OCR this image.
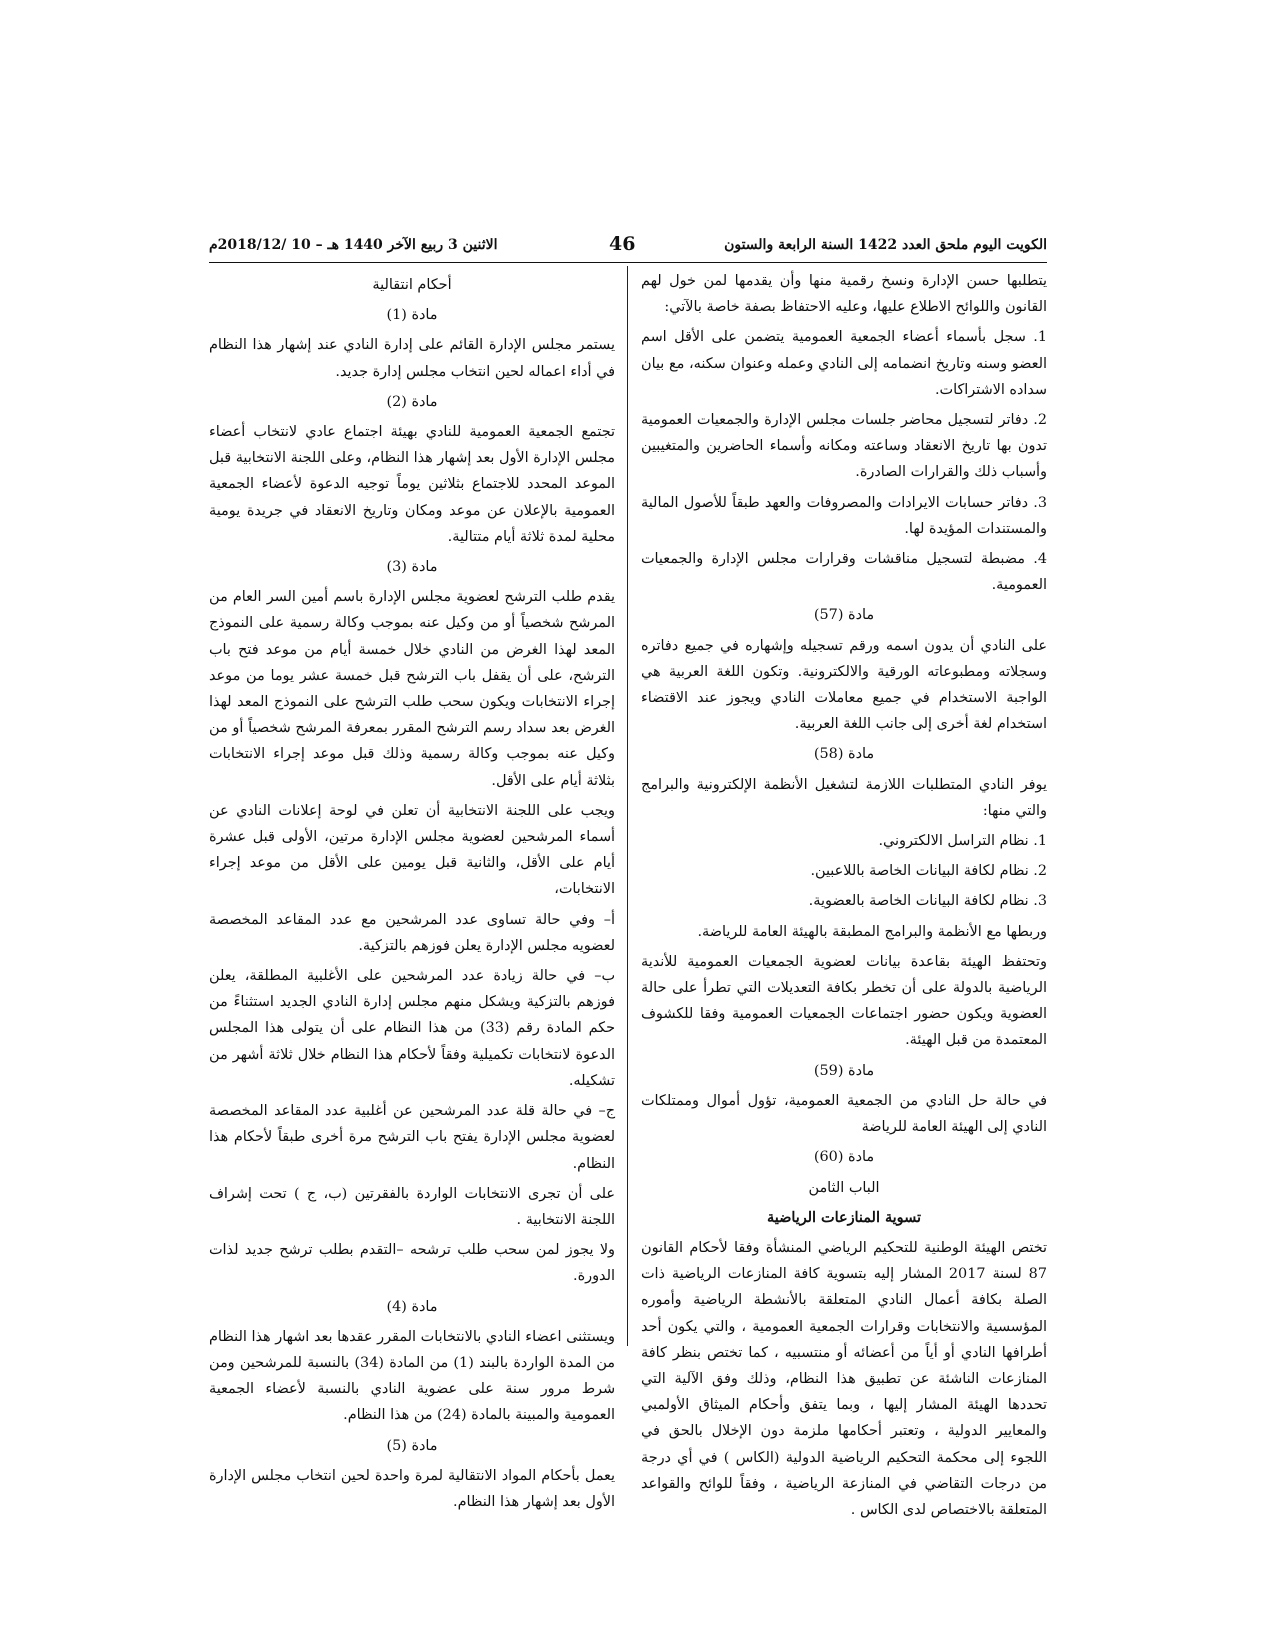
الكويت اليوم ملحق العدد 1422 السنة الرابعة والستون
46
الاثنين 3 ربيع الآخر 1440 هـ – 10 /2018/12م

يتطلبها حسن الإدارة ونسخ رقمية منها وأن يقدمها لمن خول لهم القانون واللوائح الاطلاع عليها، وعليه الاحتفاظ بصفة خاصة بالآتي:

1. سجل بأسماء أعضاء الجمعية العمومية يتضمن على الأقل اسم العضو وسنه وتاريخ انضمامه إلى النادي وعمله وعنوان سكنه، مع بيان سداده الاشتراكات.

2. دفاتر لتسجيل محاضر جلسات مجلس الإدارة والجمعيات العمومية تدون بها تاريخ الانعقاد وساعته ومكانه وأسماء الحاضرين والمتغيبين وأسباب ذلك والقرارات الصادرة.

3. دفاتر حسابات الايرادات والمصروفات والعهد طبقاً للأصول المالية والمستندات المؤيدة لها.

4. مضبطة لتسجيل مناقشات وقرارات مجلس الإدارة والجمعيات العمومية.

مادة (57)

على النادي أن يدون اسمه ورقم تسجيله وإشهاره في جميع دفاتره وسجلاته ومطبوعاته الورقية والالكترونية. وتكون اللغة العربية هي الواجبة الاستخدام في جميع معاملات النادي ويجوز عند الاقتضاء استخدام لغة أخرى إلى جانب اللغة العربية.

مادة (58)

يوفر النادي المتطلبات اللازمة لتشغيل الأنظمة الإلكترونية والبرامج والتي منها:

1. نظام التراسل الالكتروني.

2. نظام لكافة البيانات الخاصة باللاعبين.

3. نظام لكافة البيانات الخاصة بالعضوية.

وربطها مع الأنظمة والبرامج المطبقة بالهيئة العامة للرياضة.

وتحتفظ الهيئة بقاعدة بيانات لعضوية الجمعيات العمومية للأندية الرياضية بالدولة على أن تخطر بكافة التعديلات التي تطرأ على حالة العضوية ويكون حضور اجتماعات الجمعيات العمومية وفقا للكشوف المعتمدة من قبل الهيئة.

مادة (59)

في حالة حل النادي من الجمعية العمومية، تؤول أموال وممتلكات النادي إلى الهيئة العامة للرياضة

مادة (60)

الباب الثامن

تسوية المنازعات الرياضية

تختص الهيئة الوطنية للتحكيم الرياضي المنشأة وفقا لأحكام القانون 87 لسنة 2017 المشار إليه بتسوية كافة المنازعات الرياضية ذات الصلة بكافة أعمال النادي المتعلقة بالأنشطة الرياضية وأموره المؤسسية والانتخابات وقرارات الجمعية العمومية ، والتي يكون أحد أطرافها النادي أو أياً من أعضائه أو منتسبيه ، كما تختص بنظر كافة المنازعات الناشئة عن تطبيق هذا النظام، وذلك وفق الآلية التي تحددها الهيئة المشار إليها ، وبما يتفق وأحكام الميثاق الأولمبي والمعايير الدولية ، وتعتبر أحكامها ملزمة دون الإخلال بالحق في اللجوء إلى محكمة التحكيم الرياضية الدولية (الكاس ) في أي درجة من درجات التقاضي في المنازعة الرياضية ، وفقاً للوائح والقواعد المتعلقة بالاختصاص لدى الكاس .

أحكام انتقالية

مادة (1)

يستمر مجلس الإدارة القائم على إدارة النادي عند إشهار هذا النظام في أداء اعماله لحين انتخاب مجلس إدارة جديد.

مادة (2)

تجتمع الجمعية العمومية للنادي بهيئة اجتماع عادي لانتخاب أعضاء مجلس الإدارة الأول بعد إشهار هذا النظام، وعلى اللجنة الانتخابية قبل الموعد المحدد للاجتماع بثلاثين يوماً توجيه الدعوة لأعضاء الجمعية العمومية بالإعلان عن موعد ومكان وتاريخ الانعقاد في جريدة يومية محلية لمدة ثلاثة أيام متتالية.

مادة (3)

يقدم طلب الترشح لعضوية مجلس الإدارة باسم أمين السر العام من المرشح شخصياً أو من وكيل عنه بموجب وكالة رسمية على النموذج المعد لهذا الغرض من النادي خلال خمسة أيام من موعد فتح باب الترشح، على أن يقفل باب الترشح قبل خمسة عشر يوما من موعد إجراء الانتخابات ويكون سحب طلب الترشح على النموذج المعد لهذا الغرض بعد سداد رسم الترشح المقرر بمعرفة المرشح شخصياً أو من وكيل عنه بموجب وكالة رسمية وذلك قبل موعد إجراء الانتخابات بثلاثة أيام على الأقل.

ويجب على اللجنة الانتخابية أن تعلن في لوحة إعلانات النادي عن أسماء المرشحين لعضوية مجلس الإدارة مرتين، الأولى قبل عشرة أيام على الأقل، والثانية قبل يومين على الأقل من موعد إجراء الانتخابات،

أ– وفي حالة تساوى عدد المرشحين مع عدد المقاعد المخصصة لعضويه مجلس الإدارة يعلن فوزهم بالتزكية.

ب– في حالة زيادة عدد المرشحين على الأغلبية المطلقة، يعلن فوزهم بالتزكية ويشكل منهم مجلس إدارة النادي الجديد استثناءً من حكم المادة رقم (33) من هذا النظام على أن يتولى هذا المجلس الدعوة لانتخابات تكميلية وفقاً لأحكام هذا النظام خلال ثلاثة أشهر من تشكيله.

ج– في حالة قلة عدد المرشحين عن أغلبية عدد المقاعد المخصصة لعضوية مجلس الإدارة يفتح باب الترشح مرة أخرى طبقاً لأحكام هذا النظام.

على أن تجرى الانتخابات الواردة بالفقرتين (ب، ج ) تحت إشراف اللجنة الانتخابية .

ولا يجوز لمن سحب طلب ترشحه –التقدم بطلب ترشح جديد لذات الدورة.

مادة (4)

ويستثنى اعضاء النادي بالانتخابات المقرر عقدها بعد اشهار هذا النظام من المدة الواردة بالبند (1) من المادة (34) بالنسبة للمرشحين ومن شرط مرور سنة على عضوية النادي بالنسبة لأعضاء الجمعية العمومية والمبينة بالمادة (24) من هذا النظام.

مادة (5)

يعمل بأحكام المواد الانتقالية لمرة واحدة لحين انتخاب مجلس الإدارة الأول بعد إشهار هذا النظام.
